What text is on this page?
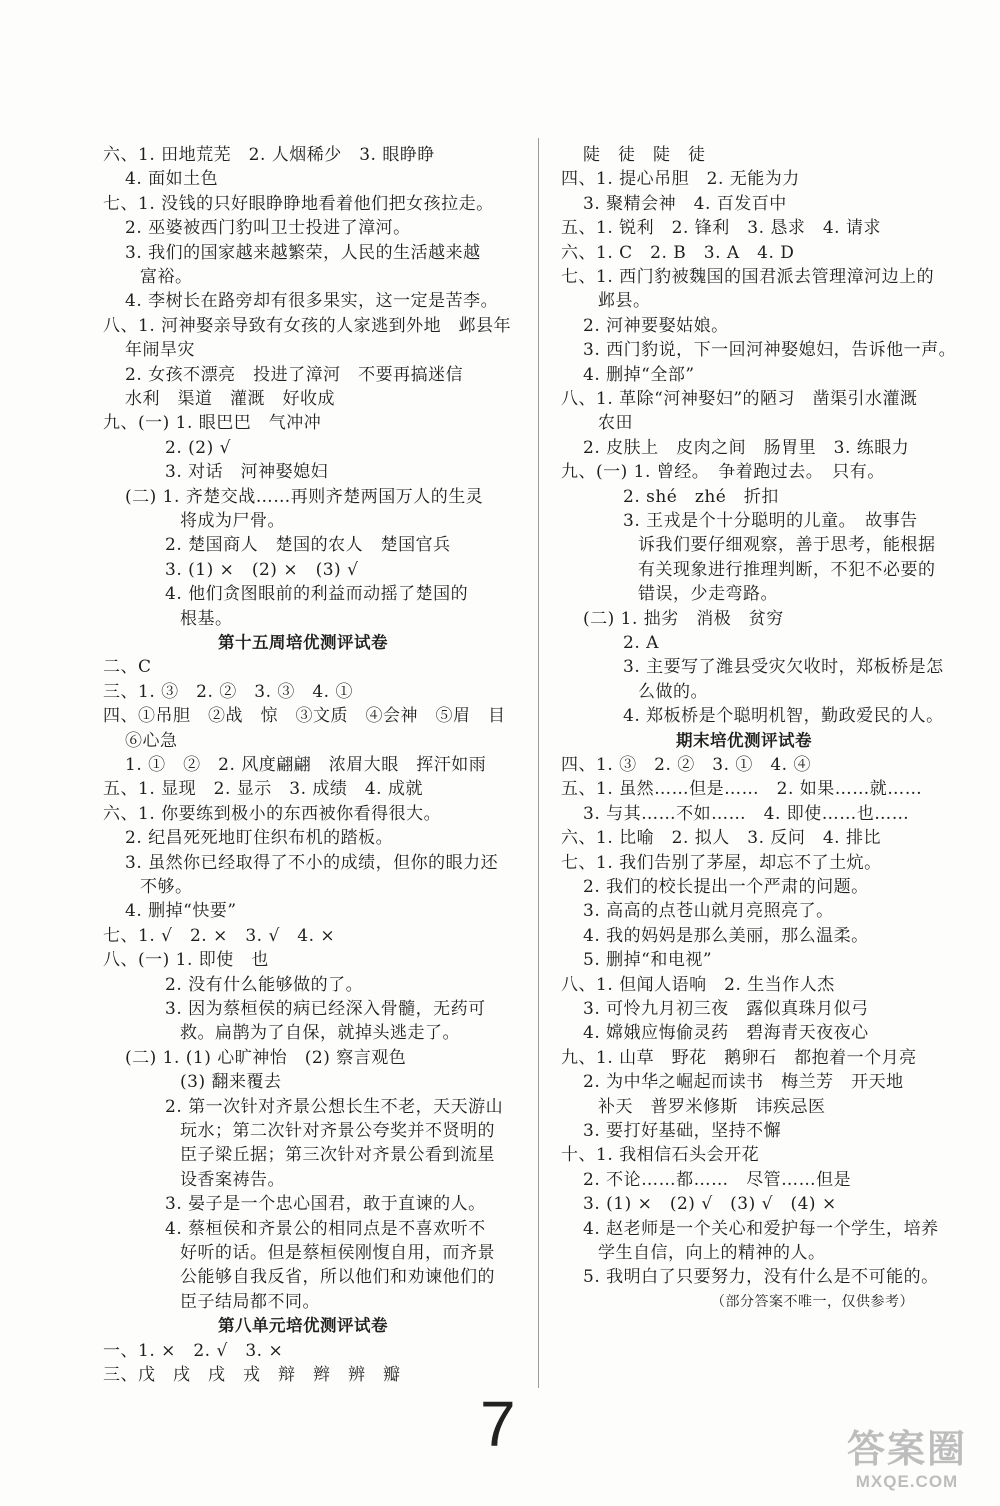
六、1. 田地荒芜　2. 人烟稀少　3. 眼睁睁
4. 面如土色
七、1. 没钱的只好眼睁睁地看着他们把女孩拉走。
2. 巫婆被西门豹叫卫士投进了漳河。
3. 我们的国家越来越繁荣，人民的生活越来越
富裕。
4. 李树长在路旁却有很多果实，这一定是苦李。
八、1. 河神娶亲导致有女孩的人家逃到外地　邺县年
年闹旱灾
2. 女孩不漂亮　投进了漳河　不要再搞迷信
水利　渠道　灌溉　好收成
九、(一) 1. 眼巴巴　气冲冲
2. (2) √
3. 对话　河神娶媳妇
(二) 1. 齐楚交战……再则齐楚两国万人的生灵
将成为尸骨。
2. 楚国商人　楚国的农人　楚国官兵
3. (1) ×　(2) ×　(3) √
4. 他们贪图眼前的利益而动摇了楚国的
根基。
第十五周培优测评试卷
二、C
三、1. ③　2. ②　3. ③　4. ①
四、①吊胆　②战　惊　③文质　④会神　⑤眉　目
⑥心急
1. ①　②　2. 风度翩翩　浓眉大眼　挥汗如雨
五、1. 显现　2. 显示　3. 成绩　4. 成就
六、1. 你要练到极小的东西被你看得很大。
2. 纪昌死死地盯住织布机的踏板。
3. 虽然你已经取得了不小的成绩，但你的眼力还
不够。
4. 删掉“快要”
七、1. √　2. ×　3. √　4. ×
八、(一) 1. 即使　也
2. 没有什么能够做的了。
3. 因为蔡桓侯的病已经深入骨髓，无药可
救。扁鹊为了自保，就掉头逃走了。
(二) 1. (1) 心旷神怡　(2) 察言观色
(3) 翻来覆去
2. 第一次针对齐景公想长生不老，天天游山
玩水；第二次针对齐景公夸奖并不贤明的
臣子梁丘据；第三次针对齐景公看到流星
设香案祷告。
3. 晏子是一个忠心国君，敢于直谏的人。
4. 蔡桓侯和齐景公的相同点是不喜欢听不
好听的话。但是蔡桓侯刚愎自用，而齐景
公能够自我反省，所以他们和劝谏他们的
臣子结局都不同。
第八单元培优测评试卷
一、1. ×　2. √　3. ×
三、戊　戌　戌　戎　辩　辫　辨　瓣
陡　徒　陡　徒
四、1. 提心吊胆　2. 无能为力
3. 聚精会神　4. 百发百中
五、1. 锐利　2. 锋利　3. 恳求　4. 请求
六、1. C　2. B　3. A　4. D
七、1. 西门豹被魏国的国君派去管理漳河边上的
邺县。
2. 河神要娶姑娘。
3. 西门豹说，下一回河神娶媳妇，告诉他一声。
4. 删掉“全部”
八、1. 革除“河神娶妇”的陋习　凿渠引水灌溉
农田
2. 皮肤上　皮肉之间　肠胃里　3. 练眼力
九、(一) 1. 曾经。　争着跑过去。　只有。
2. shé　zhé　折扣
3. 王戎是个十分聪明的儿童。　故事告
诉我们要仔细观察，善于思考，能根据
有关现象进行推理判断，不犯不必要的
错误，少走弯路。
(二) 1. 拙劣　消极　贫穷
2. A
3. 主要写了潍县受灾欠收时，郑板桥是怎
么做的。
4. 郑板桥是个聪明机智，勤政爱民的人。
期末培优测评试卷
四、1. ③　2. ②　3. ①　4. ④
五、1. 虽然……但是……　2. 如果……就……
3. 与其……不如……　4. 即使……也……
六、1. 比喻　2. 拟人　3. 反问　4. 排比
七、1. 我们告别了茅屋，却忘不了土炕。
2. 我们的校长提出一个严肃的问题。
3. 高高的点苍山就月亮照亮了。
4. 我的妈妈是那么美丽，那么温柔。
5. 删掉“和电视”
八、1. 但闻人语响　2. 生当作人杰
3. 可怜九月初三夜　露似真珠月似弓
4. 嫦娥应悔偷灵药　碧海青天夜夜心
九、1. 山草　野花　鹅卵石　都抱着一个月亮
2. 为中华之崛起而读书　梅兰芳　开天地
补天　普罗米修斯　讳疾忌医
3. 要打好基础，坚持不懈
十、1. 我相信石头会开花
2. 不论……都……　尽管……但是
3. (1) ×　(2) √　(3) √　(4) ×
4. 赵老师是一个关心和爱护每一个学生，培养
学生自信，向上的精神的人。
5. 我明白了只要努力，没有什么是不可能的。
（部分答案不唯一，仅供参考）
7	答案圈
MXQE.COM
